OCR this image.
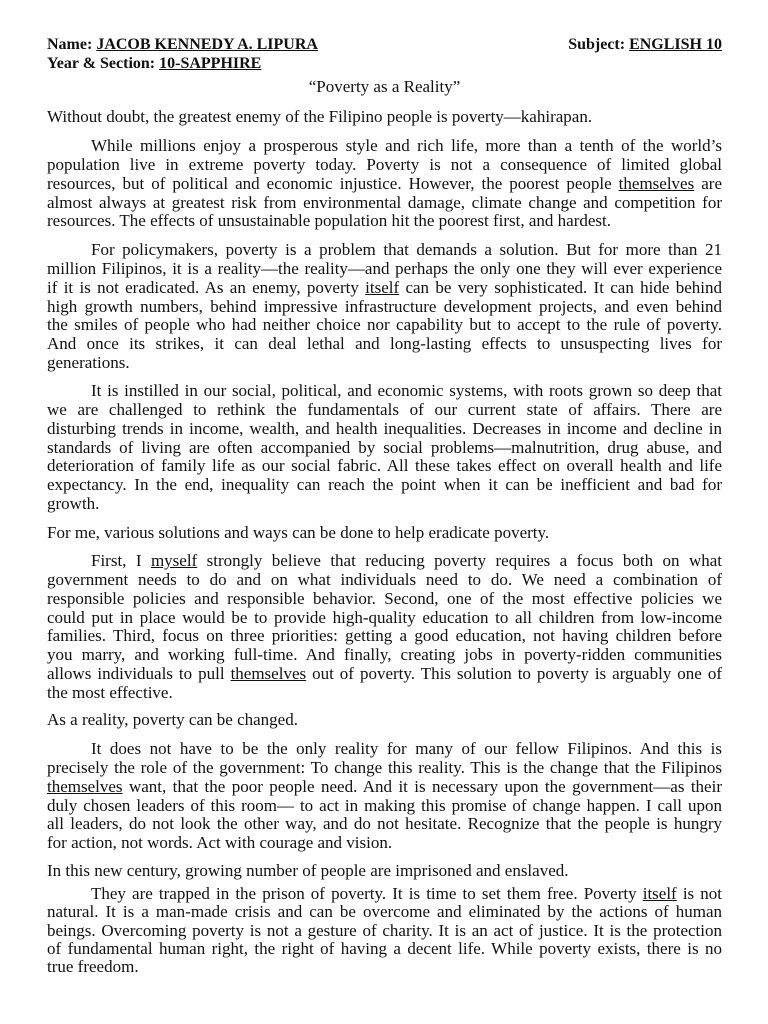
Name: JACOB KENNEDY A. LIPURA	Subject: ENGLISH 10
Year & Section: 10-SAPPHIRE
“Poverty as a Reality”
Without doubt, the greatest enemy of the Filipino people is poverty—kahirapan.
While millions enjoy a prosperous style and rich life, more than a tenth of the world’s
population live in extreme poverty today. Poverty is not a consequence of limited global
resources, but of political and economic injustice. However, the poorest people themselves are
almost always at greatest risk from environmental damage, climate change and competition for
resources. The effects of unsustainable population hit the poorest first, and hardest.
For policymakers, poverty is a problem that demands a solution. But for more than 21
million Filipinos, it is a reality—the reality—and perhaps the only one they will ever experience
if it is not eradicated. As an enemy, poverty itself can be very sophisticated. It can hide behind
high growth numbers, behind impressive infrastructure development projects, and even behind
the smiles of people who had neither choice nor capability but to accept to the rule of poverty.
And once its strikes, it can deal lethal and long-lasting effects to unsuspecting lives for
generations.
It is instilled in our social, political, and economic systems, with roots grown so deep that
we are challenged to rethink the fundamentals of our current state of affairs. There are
disturbing trends in income, wealth, and health inequalities. Decreases in income and decline in
standards of living are often accompanied by social problems—malnutrition, drug abuse, and
deterioration of family life as our social fabric. All these takes effect on overall health and life
expectancy. In the end, inequality can reach the point when it can be inefficient and bad for
growth.
For me, various solutions and ways can be done to help eradicate poverty.
First, I myself strongly believe that reducing poverty requires a focus both on what
government needs to do and on what individuals need to do. We need a combination of
responsible policies and responsible behavior. Second, one of the most effective policies we
could put in place would be to provide high-quality education to all children from low-income
families. Third, focus on three priorities: getting a good education, not having children before
you marry, and working full-time. And finally, creating jobs in poverty-ridden communities
allows individuals to pull themselves out of poverty. This solution to poverty is arguably one of
the most effective.
As a reality, poverty can be changed.
It does not have to be the only reality for many of our fellow Filipinos. And this is
precisely the role of the government: To change this reality. This is the change that the Filipinos
themselves want, that the poor people need. And it is necessary upon the government—as their
duly chosen leaders of this room— to act in making this promise of change happen. I call upon
all leaders, do not look the other way, and do not hesitate. Recognize that the people is hungry
for action, not words. Act with courage and vision.
In this new century, growing number of people are imprisoned and enslaved.
They are trapped in the prison of poverty. It is time to set them free. Poverty itself is not
natural. It is a man-made crisis and can be overcome and eliminated by the actions of human
beings. Overcoming poverty is not a gesture of charity. It is an act of justice. It is the protection
of fundamental human right, the right of having a decent life. While poverty exists, there is no
true freedom.
